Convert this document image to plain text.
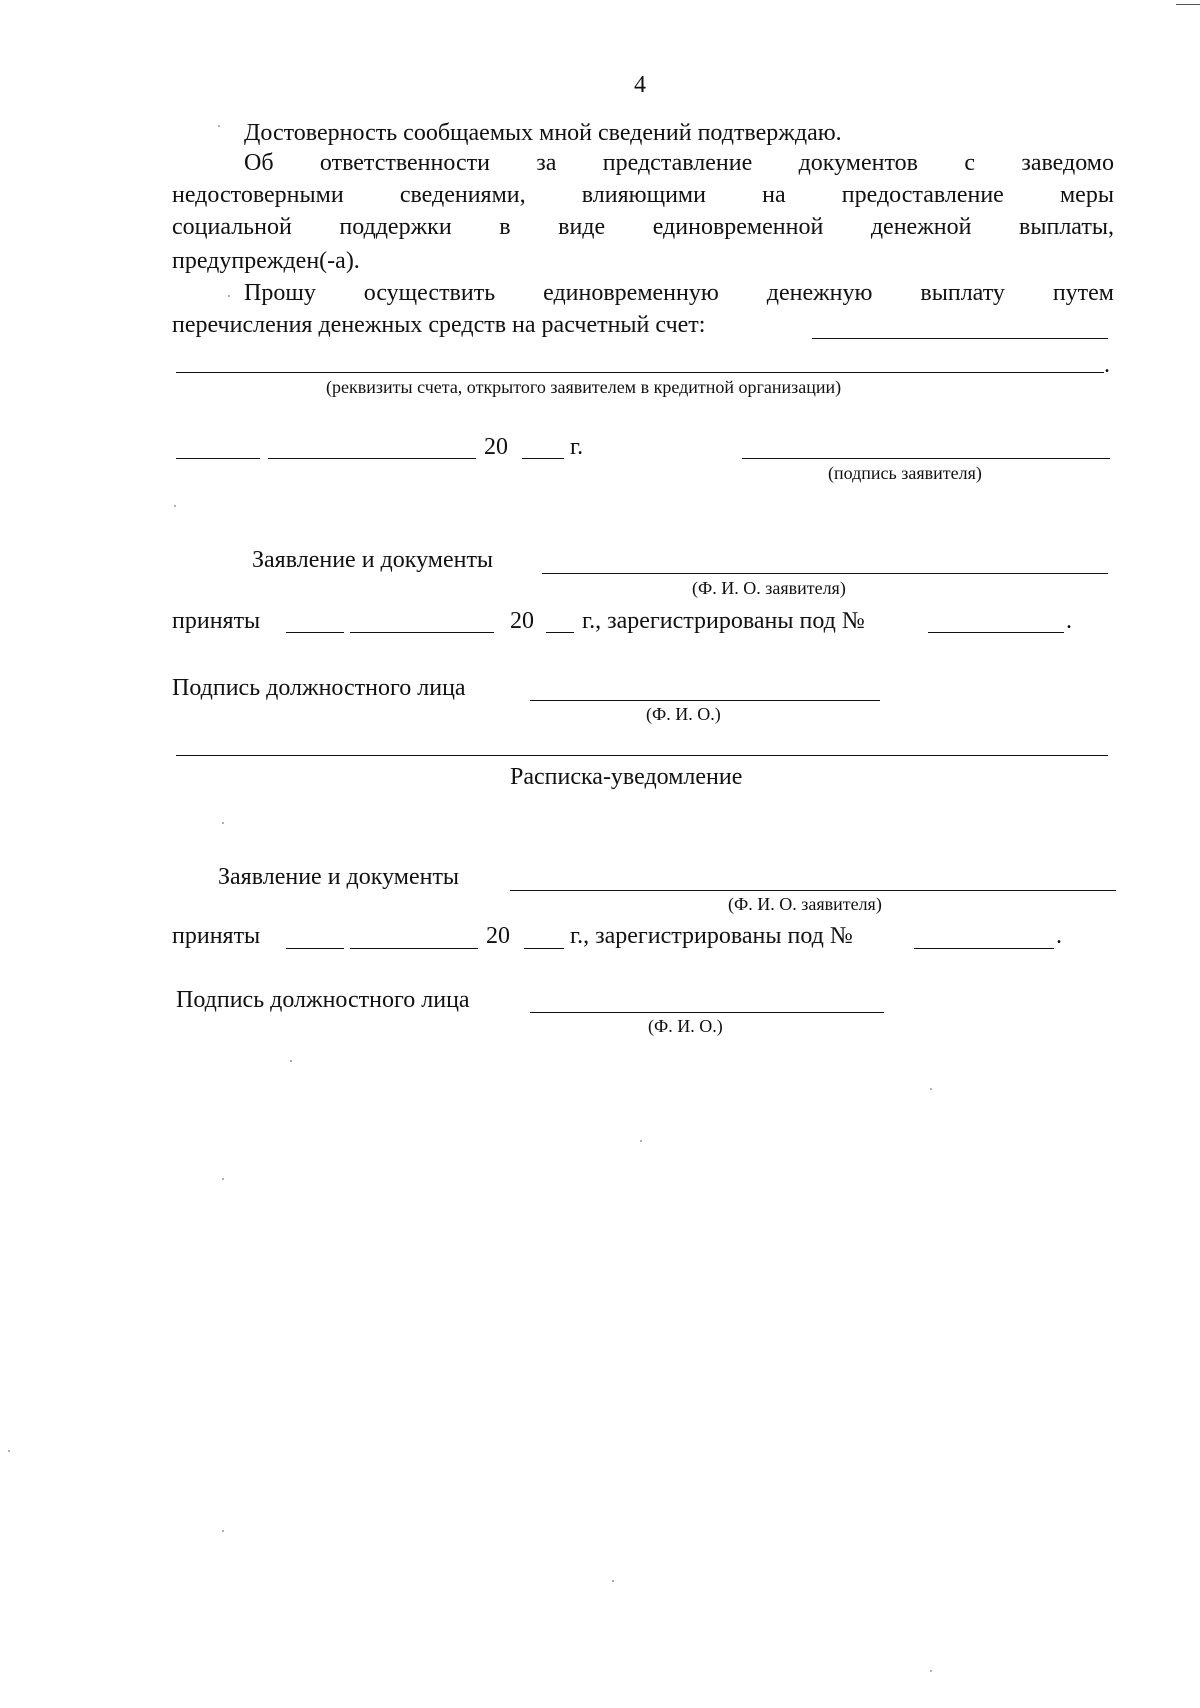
4
Достоверность сообщаемых мной сведений подтверждаю.
Об ответственности за представление документов с заведомо
недостоверными сведениями, влияющими на предоставление меры
социальной поддержки в виде единовременной денежной выплаты,
предупрежден(-а).
Прошу осуществить единовременную денежную выплату путем
перечисления денежных средств на расчетный счет:
.
(реквизиты счета, открытого заявителем в кредитной организации)
20	г.
(подпись заявителя)
Заявление и документы
(Ф. И. О. заявителя)
приняты	20 г., зарегистрированы под №	.
Подпись должностного лица
(Ф. И. О.)
Расписка-уведомление
Заявление и документы
(Ф. И. О. заявителя)
приняты	20	г., зарегистрированы под №	.
Подпись должностного лица
(Ф. И. О.)
